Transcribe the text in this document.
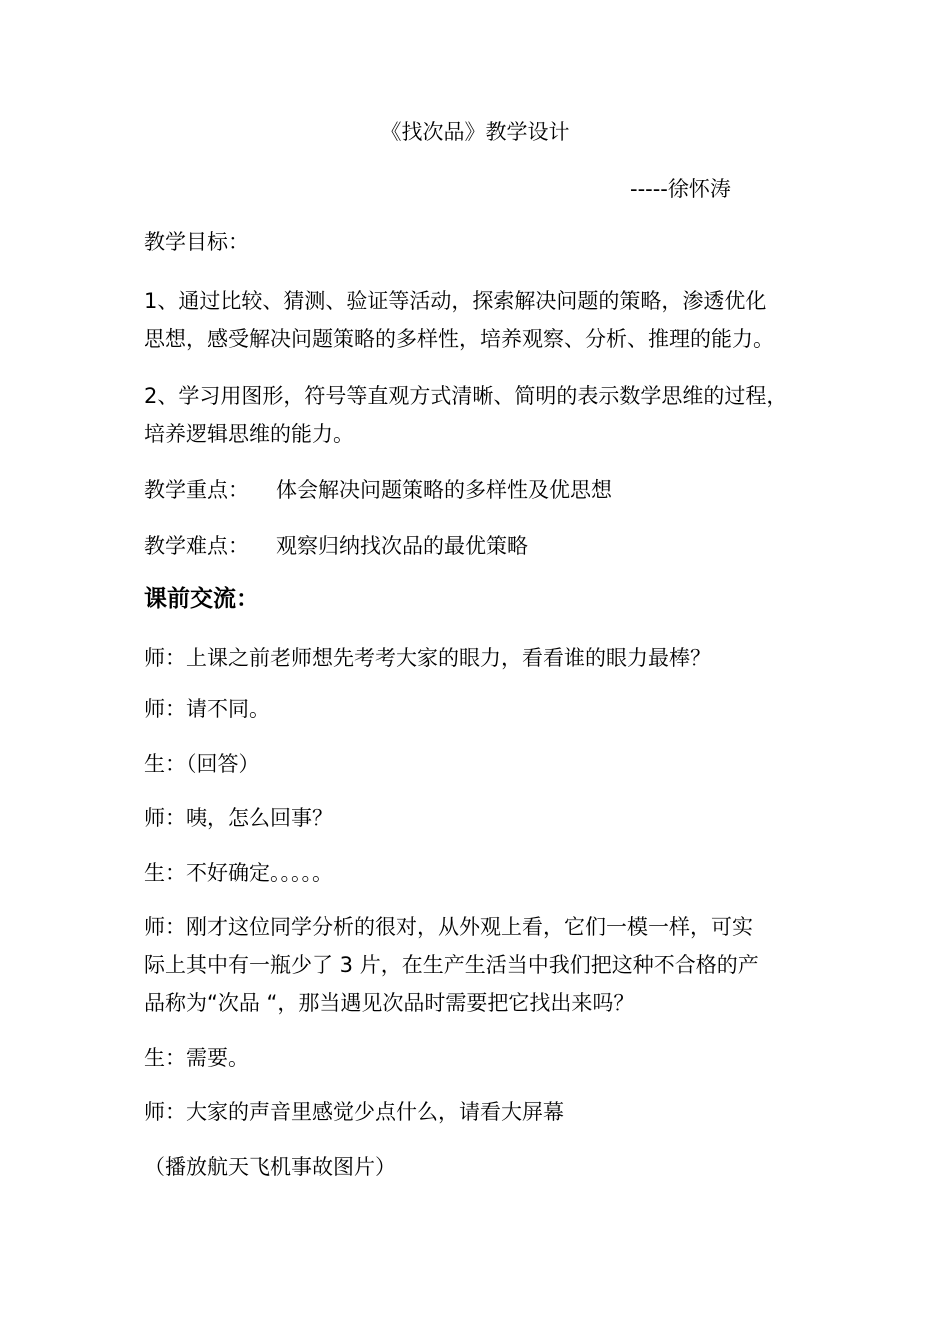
《找次品》教学设计
-----徐怀涛
教学目标：
1、通过比较、猜测、验证等活动，探索解决问题的策略，渗透优化
思想，感受解决问题策略的多样性，培养观察、分析、推理的能力。
2、学习用图形，符号等直观方式清晰、简明的表示数学思维的过程，
培养逻辑思维的能力。
教学重点： 体会解决问题策略的多样性及优思想
教学难点： 观察归纳找次品的最优策略
课前交流：
师：上课之前老师想先考考大家的眼力，看看谁的眼力最棒？
师：请不同。
生：（回答）
师：咦，怎么回事？
生：不好确定。。。。。
师：刚才这位同学分析的很对，从外观上看，它们一模一样，可实
际上其中有一瓶少了 3 片，在生产生活当中我们把这种不合格的产
品称为“次品 “，那当遇见次品时需要把它找出来吗？
生：需要。
师：大家的声音里感觉少点什么，请看大屏幕
（播放航天飞机事故图片）
